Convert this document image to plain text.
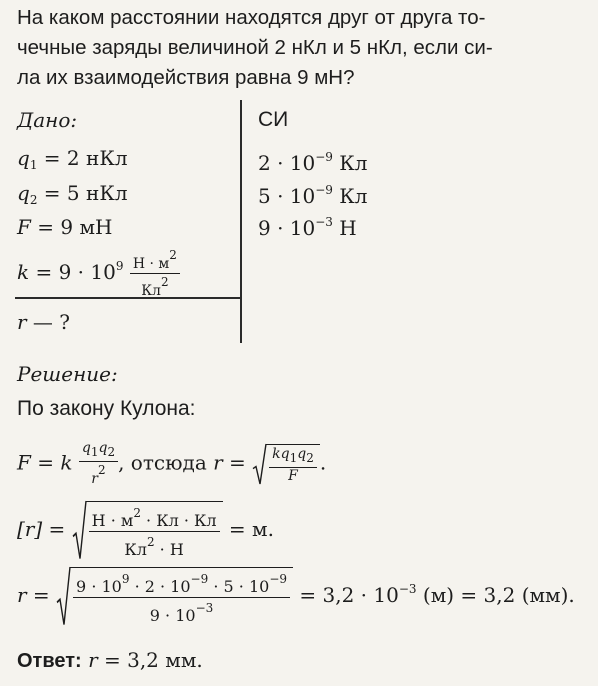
На каком расстоянии находятся друг от друга то-
чечные заряды величиной 2 нКл и 5 нКл, если си-
ла их взаимодействия равна 9 мН?
Дано:	СИ
$q_1 = 2$ нКл
$q_2 = 5$ нКл
F = 9 мН
$k = 9 \cdot 10^9 \frac{Н \cdot м^2}{Кл^2}$
r — ?
$2 \cdot 10^{-9}$ Кл
$5 \cdot 10^{-9}$ Кл
$9 \cdot 10^{-3}$ Н
Решение:
По закону Кулона:
F = k $\frac{q_1q_2}{r^2}$ , отсюда $r = \frac{kq_1q_2}{F}$ .
$[r] = \frac{Н \cdot м^2 \cdot Кл \cdot Кл}{Кл^2 \cdot Н} = м$.
$r = \frac{9 \cdot 10^9 \cdot 2 \cdot 10^{-9} \cdot 5 \cdot 10^{-9}}{9 \cdot 10^{-3}} = 3,2 \cdot 10^{-3}$ (м) = 3,2 (мм).
Ответ: r = 3,2 мм.
